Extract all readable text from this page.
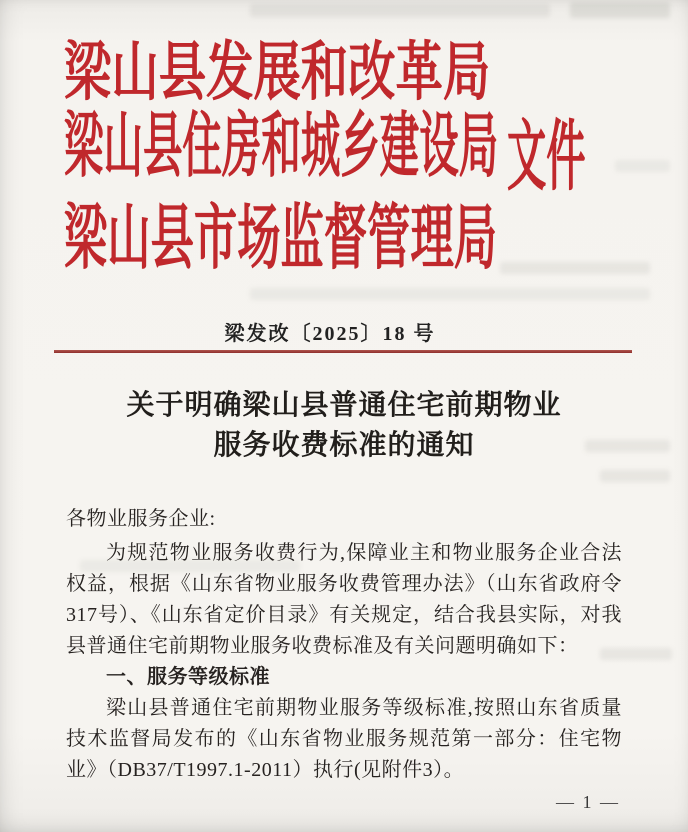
梁山县发展和改革局
梁山县住房和城乡建设局
梁山县市场监督管理局
文件
梁发改〔2025〕18 号
关于明确梁山县普通住宅前期物业
服务收费标准的通知

各物业服务企业:

为规范物业服务收费行为,保障业主和物业服务企业合法权益，根据《山东省物业服务收费管理办法》（山东省政府令317号）、《山东省定价目录》有关规定，结合我县实际，对我县普通住宅前期物业服务收费标准及有关问题明确如下：

一、服务等级标准

梁山县普通住宅前期物业服务等级标准,按照山东省质量技术监督局发布的《山东省物业服务规范第一部分：住宅物业》（DB37/T1997.1-2011）执行(见附件3）。

— 1 —
